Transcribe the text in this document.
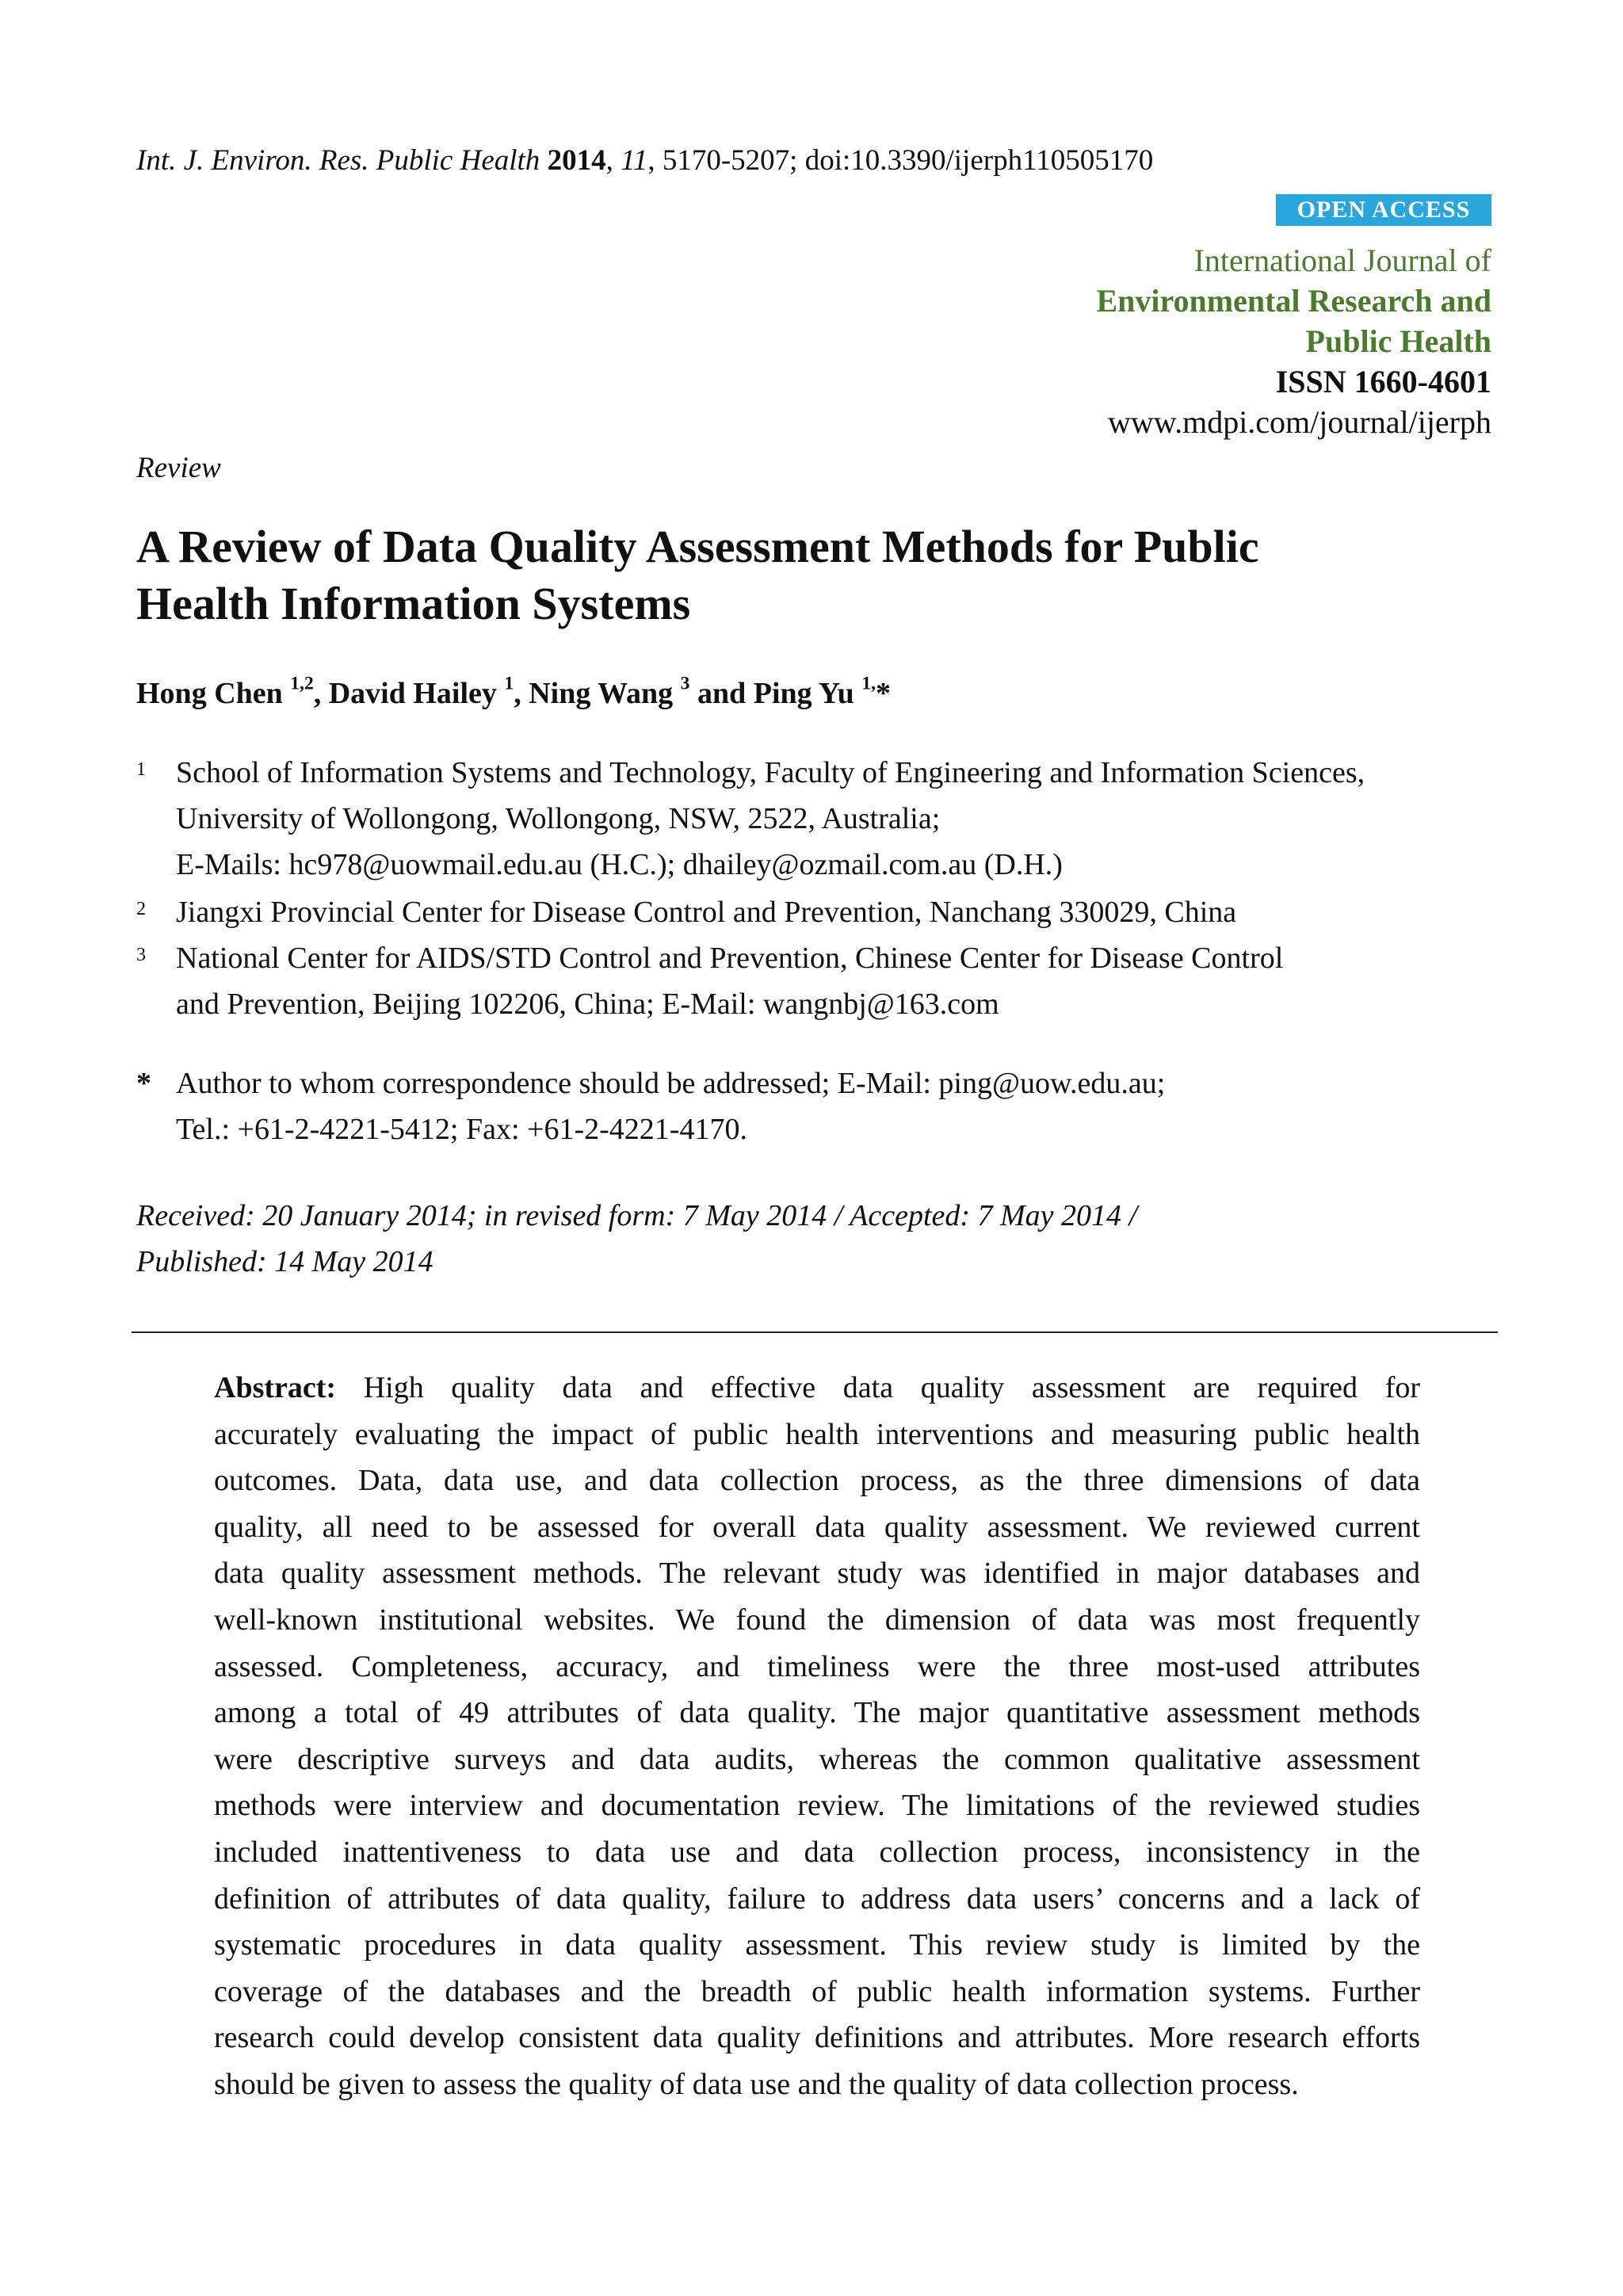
Int. J. Environ. Res. Public Health 2014, 11, 5170-5207; doi:10.3390/ijerph110505170
OPEN ACCESS
International Journal of
Environmental Research and
Public Health
ISSN 1660-4601
www.mdpi.com/journal/ijerph
Review
A Review of Data Quality Assessment Methods for Public
Health Information Systems
Hong Chen $^{1,2}$, David Hailey $^1$, Ning Wang $^3$ and Ping Yu $^{1,}$*
1 School of Information Systems and Technology, Faculty of Engineering and Information Sciences,
University of Wollongong, Wollongong, NSW, 2522, Australia;
E-Mails: hc978@uowmail.edu.au (H.C.); dhailey@ozmail.com.au (D.H.)
2 Jiangxi Provincial Center for Disease Control and Prevention, Nanchang 330029, China
3 National Center for AIDS/STD Control and Prevention, Chinese Center for Disease Control
and Prevention, Beijing 102206, China; E-Mail: wangnbj@163.com
* Author to whom correspondence should be addressed; E-Mail: ping@uow.edu.au;
Tel.: +61-2-4221-5412; Fax: +61-2-4221-4170.
Received: 20 January 2014; in revised form: 7 May 2014 / Accepted: 7 May 2014 /
Published: 14 May 2014
Abstract: High quality data and effective data quality assessment are required for
accurately evaluating the impact of public health interventions and measuring public health
outcomes. Data, data use, and data collection process, as the three dimensions of data
quality, all need to be assessed for overall data quality assessment. We reviewed current
data quality assessment methods. The relevant study was identified in major databases and
well-known institutional websites. We found the dimension of data was most frequently
assessed. Completeness, accuracy, and timeliness were the three most-used attributes
among a total of 49 attributes of data quality. The major quantitative assessment methods
were descriptive surveys and data audits, whereas the common qualitative assessment
methods were interview and documentation review. The limitations of the reviewed studies
included inattentiveness to data use and data collection process, inconsistency in the
definition of attributes of data quality, failure to address data users’ concerns and a lack of
systematic procedures in data quality assessment. This review study is limited by the
coverage of the databases and the breadth of public health information systems. Further
research could develop consistent data quality definitions and attributes. More research efforts
should be given to assess the quality of data use and the quality of data collection process.
